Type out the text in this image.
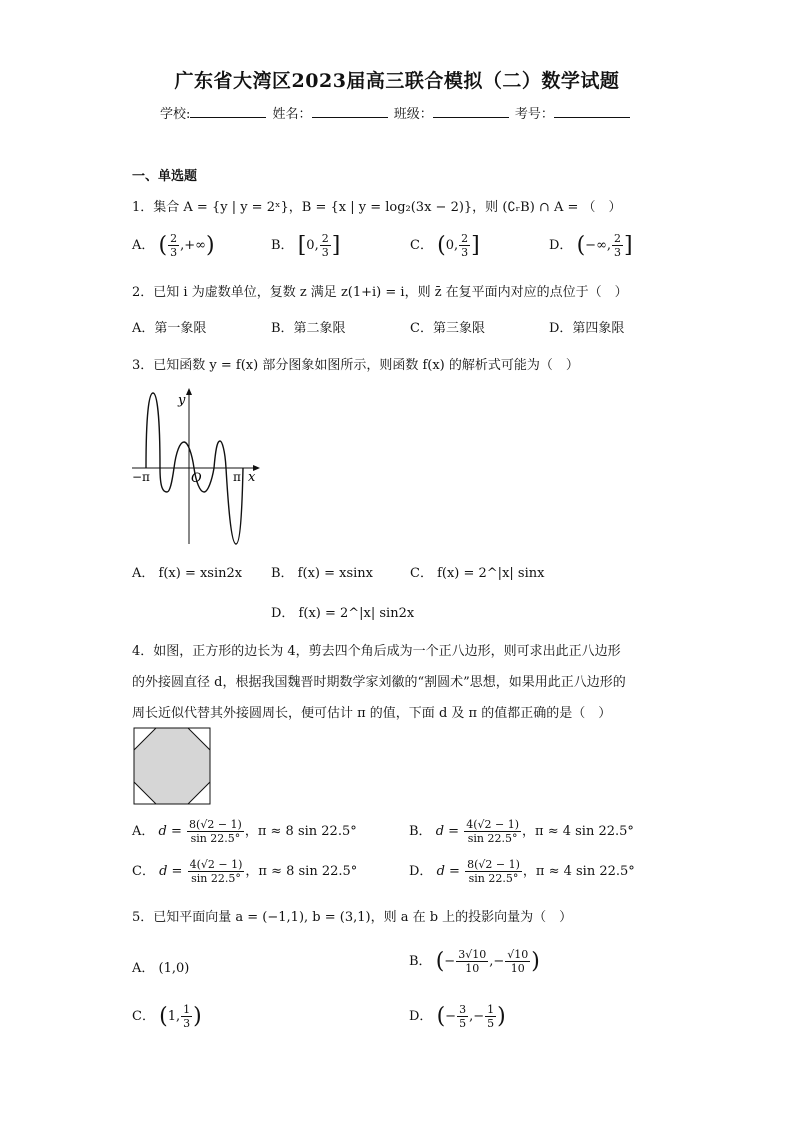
广东省大湾区2023届高三联合模拟（二）数学试题
学校:	姓名：	班级：	考号：
一、单选题
1．集合 A = {y | y = 2ˣ}，B = {x | y = log₂(3x − 2)}，则 (∁ᵣB) ∩ A = （　）
A． ( $\frac{2}{3}$ ,+∞)	B． [0, $\frac{2}{3}$ ]	C． (0, $\frac{2}{3}$ ]	D． (−∞, $\frac{2}{3}$ ]
2．已知 i 为虚数单位，复数 z 满足 z(1+i) = i，则 z̄ 在复平面内对应的点位于（　）
A．第一象限	B．第二象限	C．第三象限	D．第四象限
3．已知函数 y = f(x) 部分图象如图所示，则函数 f(x) 的解析式可能为（　）
y
x
O
−π	π
A． f(x) = xsin2x B． f(x) = xsinx	C． f(x) = 2^|x| sinx
D． f(x) = 2^|x| sin2x
4．如图，正方形的边长为 4，剪去四个角后成为一个正八边形，则可求出此正八边形
的外接圆直径 d，根据我国魏晋时期数学家刘徽的“割圆术”思想，如果用此正八边形的
周长近似代替其外接圆周长，便可估计 π 的值，下面 d 及 π 的值都正确的是（　）
A． $d = \frac{8(√2 - 1)}{\sin 22.5^\circ}$ ，π ≈ 8 sin 22.5°	B． $d = \frac{4(√2 - 1)}{\sin 22.5^\circ}$ ，π ≈ 4 sin 22.5°
C． $d = \frac{4(√2 - 1)}{\sin 22.5^\circ}$ ，π ≈ 8 sin 22.5°	D． $d = \frac{8(√2 - 1)}{\sin 22.5^\circ}$ ，π ≈ 4 sin 22.5°
5．已知平面向量 a = (−1,1), b = (3,1)，则 a 在 b 上的投影向量为（　）
A． (1,0)	B． (− $\frac{3√10}{10}$ ,− $\frac{√10}{10}$ )
C． (1, $\frac{1}{3}$ )	D． (− $\frac{3}{5}$ ,− $\frac{1}{5}$ )
